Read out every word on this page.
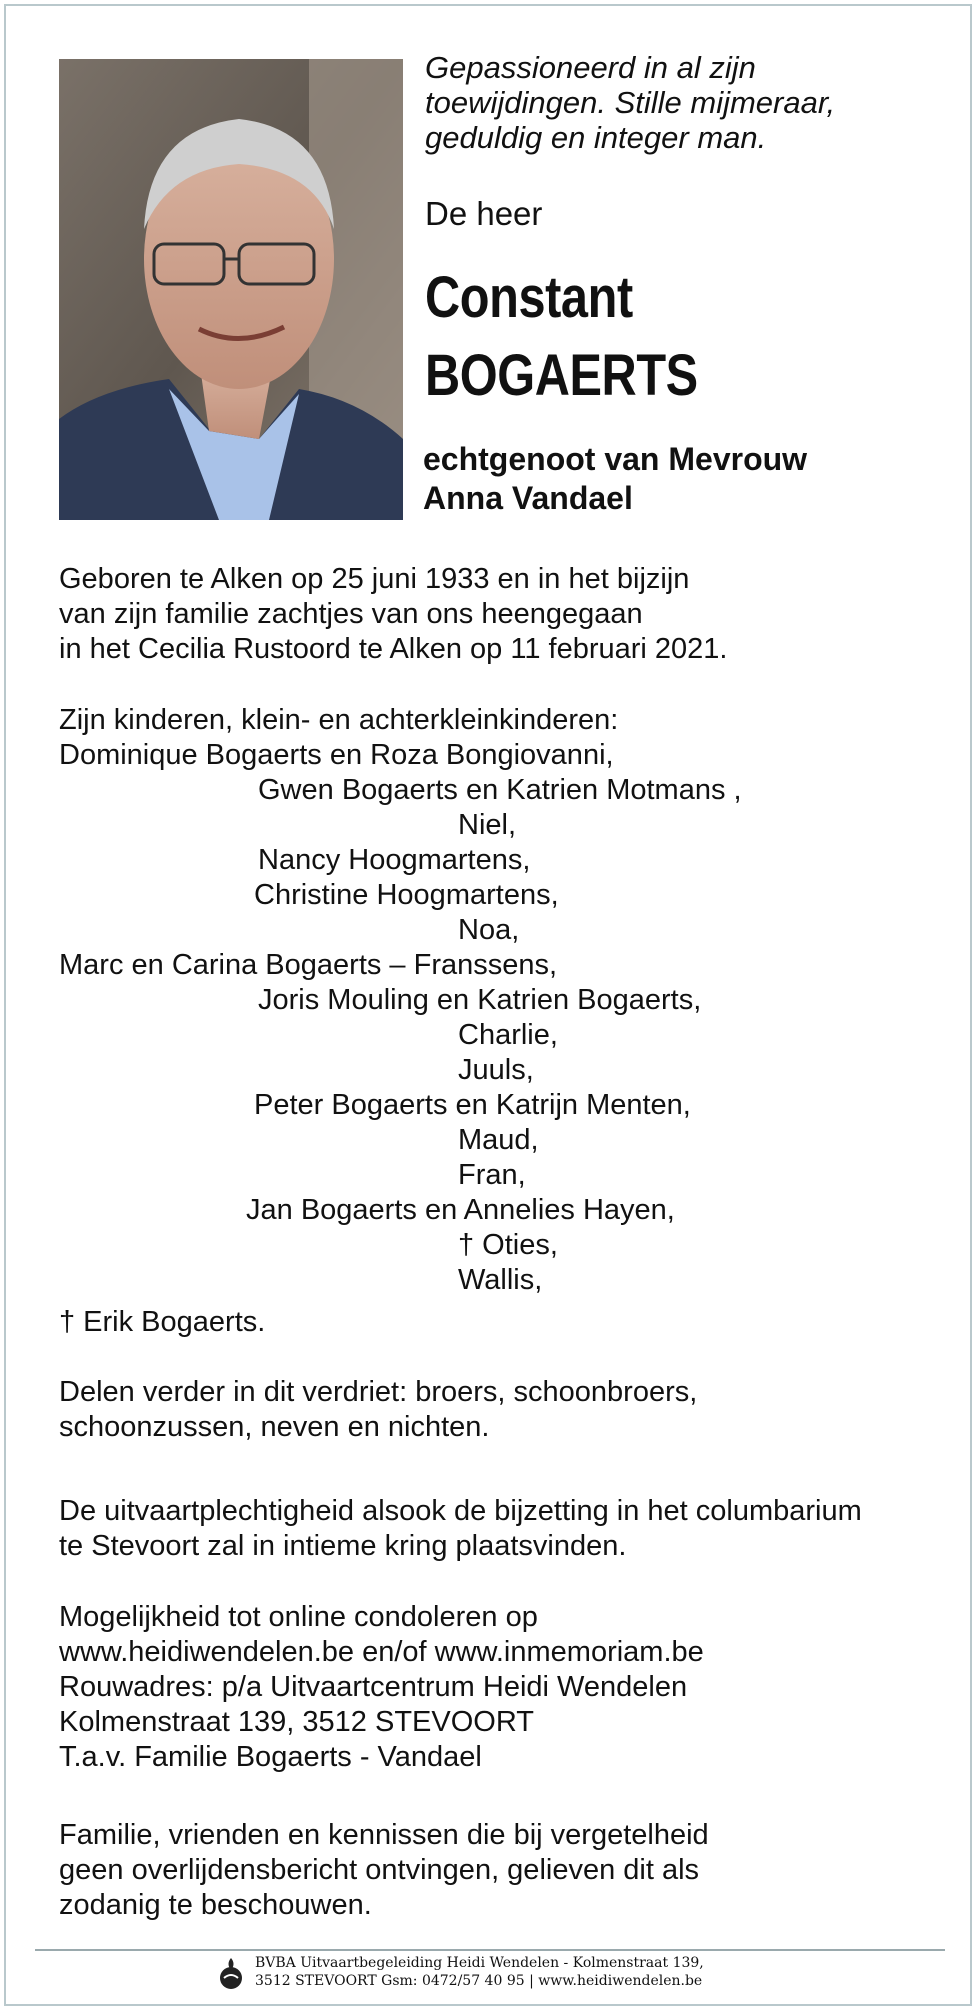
Gepassioneerd in al zijn
toewijdingen. Stille mijmeraar,
geduldig en integer man.
De heer
Constant
BOGAERTS
echtgenoot van Mevrouw
Anna Vandael
Geboren te Alken op 25 juni 1933 en in het bijzijn
van zijn familie zachtjes van ons heengegaan
in het Cecilia Rustoord te Alken op 11 februari 2021.
Zijn kinderen, klein- en achterkleinkinderen:
Dominique Bogaerts en Roza Bongiovanni,
Gwen Bogaerts en Katrien Motmans ,
Niel,
Nancy Hoogmartens,
Christine Hoogmartens,
Noa,
Marc en Carina Bogaerts – Franssens,
Joris Mouling en Katrien Bogaerts,
Charlie,
Juuls,
Peter Bogaerts en Katrijn Menten,
Maud,
Fran,
Jan Bogaerts en Annelies Hayen,
† Oties,
Wallis,
† Erik Bogaerts.
Delen verder in dit verdriet: broers, schoonbroers,
schoonzussen, neven en nichten.
De uitvaartplechtigheid alsook de bijzetting in het columbarium
te Stevoort zal in intieme kring plaatsvinden.
Mogelijkheid tot online condoleren op
www.heidiwendelen.be en/of www.inmemoriam.be
Rouwadres: p/a Uitvaartcentrum Heidi Wendelen
Kolmenstraat 139, 3512 STEVOORT
T.a.v. Familie Bogaerts - Vandael
Familie, vrienden en kennissen die bij vergetelheid
geen overlijdensbericht ontvingen, gelieven dit als
zodanig te beschouwen.
BVBA Uitvaartbegeleiding Heidi Wendelen - Kolmenstraat 139,
3512 STEVOORT Gsm: 0472/57 40 95 | www.heidiwendelen.be
